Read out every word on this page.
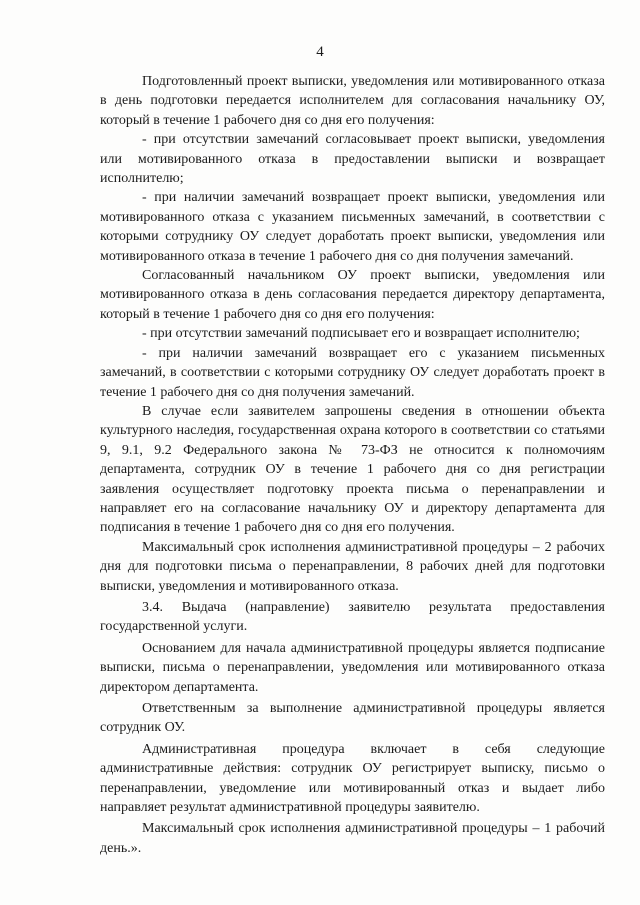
4

Подготовленный проект выписки, уведомления или мотивированного отказа в день подготовки передается исполнителем для согласования начальнику ОУ, который в течение 1 рабочего дня со дня его получения:

- при отсутствии замечаний согласовывает проект выписки, уведомления или мотивированного отказа в предоставлении выписки и возвращает исполнителю;

- при наличии замечаний возвращает проект выписки, уведомления или мотивированного отказа с указанием письменных замечаний, в соответствии с которыми сотруднику ОУ следует доработать проект выписки, уведомления или мотивированного отказа в течение 1 рабочего дня со дня получения замечаний.

Согласованный начальником ОУ проект выписки, уведомления или мотивированного отказа в день согласования передается директору департамента, который в течение 1 рабочего дня со дня его получения:

- при отсутствии замечаний подписывает его и возвращает исполнителю;

- при наличии замечаний возвращает его с указанием письменных замечаний, в соответствии с которыми сотруднику ОУ следует доработать проект в течение 1 рабочего дня со дня получения замечаний.

В случае если заявителем запрошены сведения в отношении объекта культурного наследия, государственная охрана которого в соответствии со статьями 9, 9.1, 9.2 Федерального закона № 73-ФЗ не относится к полномочиям департамента, сотрудник ОУ в течение 1 рабочего дня со дня регистрации заявления осуществляет подготовку проекта письма о перенаправлении и направляет его на согласование начальнику ОУ и директору департамента для подписания в течение 1 рабочего дня со дня его получения.

Максимальный срок исполнения административной процедуры – 2 рабочих дня для подготовки письма о перенаправлении, 8 рабочих дней для подготовки выписки, уведомления и мотивированного отказа.

3.4. Выдача (направление) заявителю результата предоставления государственной услуги.

Основанием для начала административной процедуры является подписание выписки, письма о перенаправлении, уведомления или мотивированного отказа директором департамента.

Ответственным за выполнение административной процедуры является сотрудник ОУ.

Административная процедура включает в себя следующие административные действия: сотрудник ОУ регистрирует выписку, письмо о перенаправлении, уведомление или мотивированный отказ и выдает либо направляет результат административной процедуры заявителю.

Максимальный срок исполнения административной процедуры – 1 рабочий день.».
